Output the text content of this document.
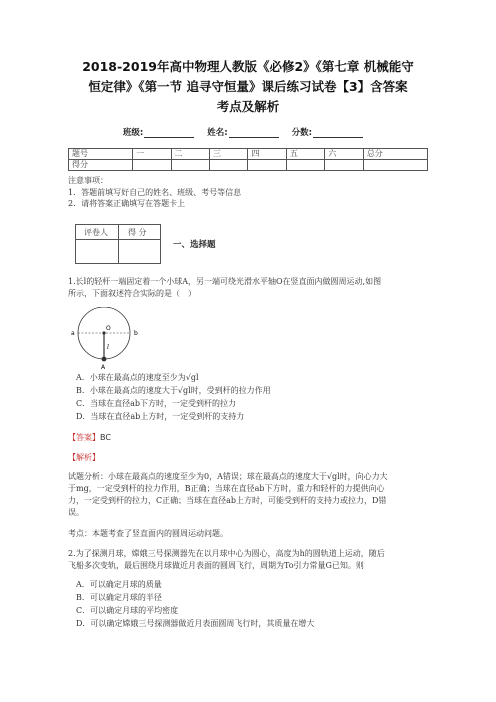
2018-2019年高中物理人教版《必修2》《第七章 机械能守
恒定律》《第一节 追寻守恒量》课后练习试卷【3】含答案
考点及解析
班级:	姓名:	分数:
题号	一	二	三	四	五	六	总分
得分							
注意事项：
1．答题前填写好自己的姓名、班级、考号等信息
2．请将答案正确填写在答题卡上
评卷人	得 分
一、选择题
1.长l的轻杆一端固定着一个小球A，另一端可绕光滑水平轴O在竖直面内做圆周运动,如图
所示，下面叙述符合实际的是（　）
a	b
O
l
A
A．小球在最高点的速度至少为√gl
B．小球在最高点的速度大于√gl时，受到杆的拉力作用
C．当球在直径ab下方时，一定受到杆的拉力
D．当球在直径ab上方时，一定受到杆的支持力
【答案】BC
【解析】
试题分析：小球在最高点的速度至少为0，A错误；球在最高点的速度大于√gl时，向心力大
于mg，一定受到杆的拉力作用，B正确；当球在直径ab下方时，重力和轻杆的力提供向心
力，一定受到杆的拉力，C正确；当球在直径ab上方时，可能受到杆的支持力或拉力，D错
误。
考点：本题考查了竖直面内的圆周运动问题。
2.为了探测月球，嫦娥三号探测器先在以月球中心为圆心，高度为h的圆轨道上运动，随后
飞船多次变轨，最后围绕月球做近月表面的圆周飞行，周期为To引力常量G已知。则
A．可以确定月球的质量
B．可以确定月球的半径
C．可以确定月球的平均密度
D．可以确定嫦娥三号探测器做近月表面圆周飞行时，其质量在增大
